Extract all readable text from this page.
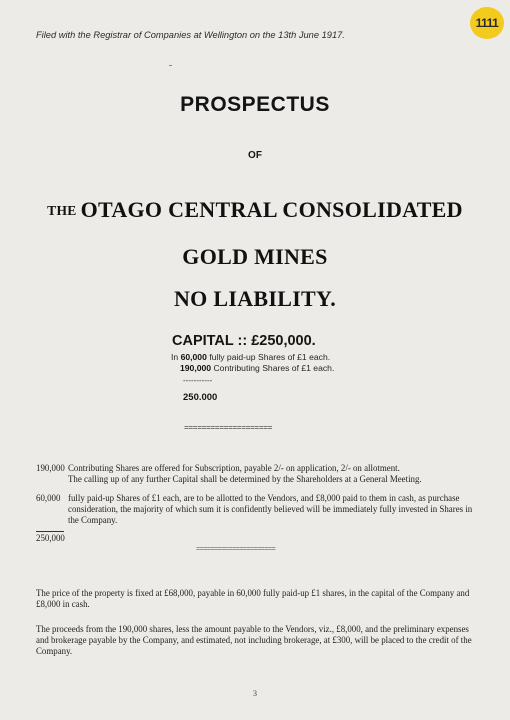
Filed with the Registrar of Companies at Wellington on the 13th June 1917.
1111
PROSPECTUS
OF
THE OTAGO CENTRAL CONSOLIDATED
GOLD MINES
NO LIABILITY.
CAPITAL :: £250,000.
In 60,000 fully paid-up Shares of £1 each.
190,000 Contributing Shares of £1 each.
-----------
250.000
====================
190,000 Contributing Shares are offered for Subscription, payable 2/- on application, 2/- on allotment.
The calling up of any further Capital shall be determined by the Shareholders at a General Meeting.
60,000 fully paid-up Shares of £1 each, are to be allotted to the Vendors, and £8,000 paid to them in cash, as purchase
consideration, the majority of which sum it is confidently believed will be immediately fully invested in Shares in
the Company.
250,000
======================
The price of the property is fixed at £68,000, payable in 60,000 fully paid-up £1 shares, in the capital of the Company and
£8,000 in cash.
The proceeds from the 190,000 shares, less the amount payable to the Vendors, viz., £8,000, and the preliminary expenses
and brokerage payable by the Company, and estimated, not including brokerage, at £300, will be placed to the credit of the
Company.
3
